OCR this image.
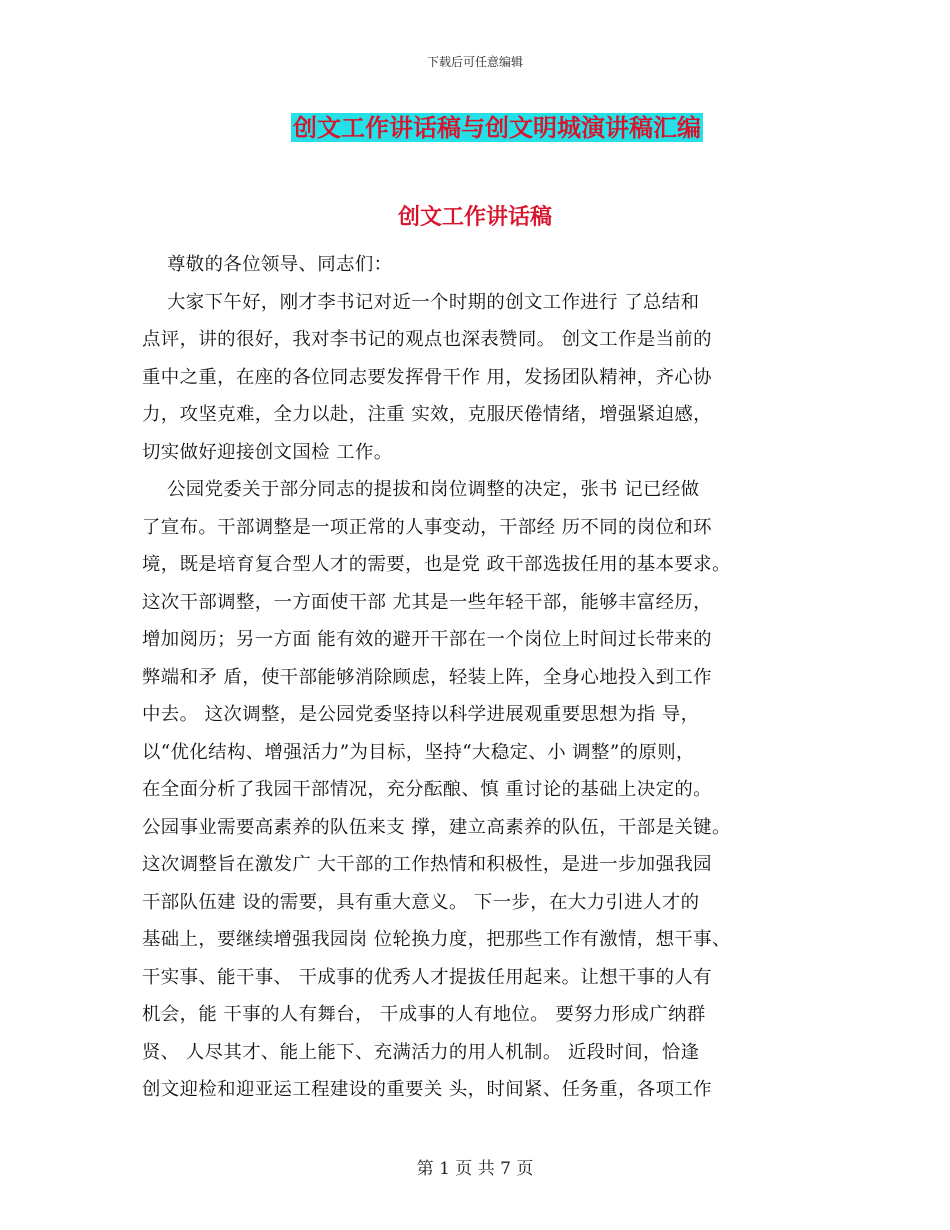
下载后可任意编辑
创文工作讲话稿与创文明城演讲稿汇编
创文工作讲话稿
尊敬的各位领导、同志们：
大家下午好，刚才李书记对近一个时期的创文工作进行 了总结和
点评，讲的很好，我对李书记的观点也深表赞同。 创文工作是当前的
重中之重，在座的各位同志要发挥骨干作 用，发扬团队精神，齐心协
力，攻坚克难，全力以赴，注重 实效，克服厌倦情绪，增强紧迫感，
切实做好迎接创文国检 工作。
公园党委关于部分同志的提拔和岗位调整的决定，张书 记已经做
了宣布。干部调整是一项正常的人事变动，干部经 历不同的岗位和环
境，既是培育复合型人才的需要，也是党 政干部选拔任用的基本要求。
这次干部调整，一方面使干部 尤其是一些年轻干部，能够丰富经历，
增加阅历；另一方面 能有效的避开干部在一个岗位上时间过长带来的
弊端和矛 盾，使干部能够消除顾虑，轻装上阵，全身心地投入到工作
中去。 这次调整，是公园党委坚持以科学进展观重要思想为指 导，
以“优化结构、增强活力”为目标，坚持“大稳定、小 调整”的原则，
在全面分析了我园干部情况，充分酝酿、慎 重讨论的基础上决定的。
公园事业需要高素养的队伍来支 撑，建立高素养的队伍，干部是关键。
这次调整旨在激发广 大干部的工作热情和积极性，是进一步加强我园
干部队伍建 设的需要，具有重大意义。 下一步，在大力引进人才的
基础上，要继续增强我园岗 位轮换力度，把那些工作有激情，想干事、
干实事、能干事、 干成事的优秀人才提拔任用起来。让想干事的人有
机会，能 干事的人有舞台， 干成事的人有地位。 要努力形成广纳群
贤、 人尽其才、能上能下、充满活力的用人机制。 近段时间，恰逢
创文迎检和迎亚运工程建设的重要关 头，时间紧、任务重，各项工作
第 1 页 共 7 页
